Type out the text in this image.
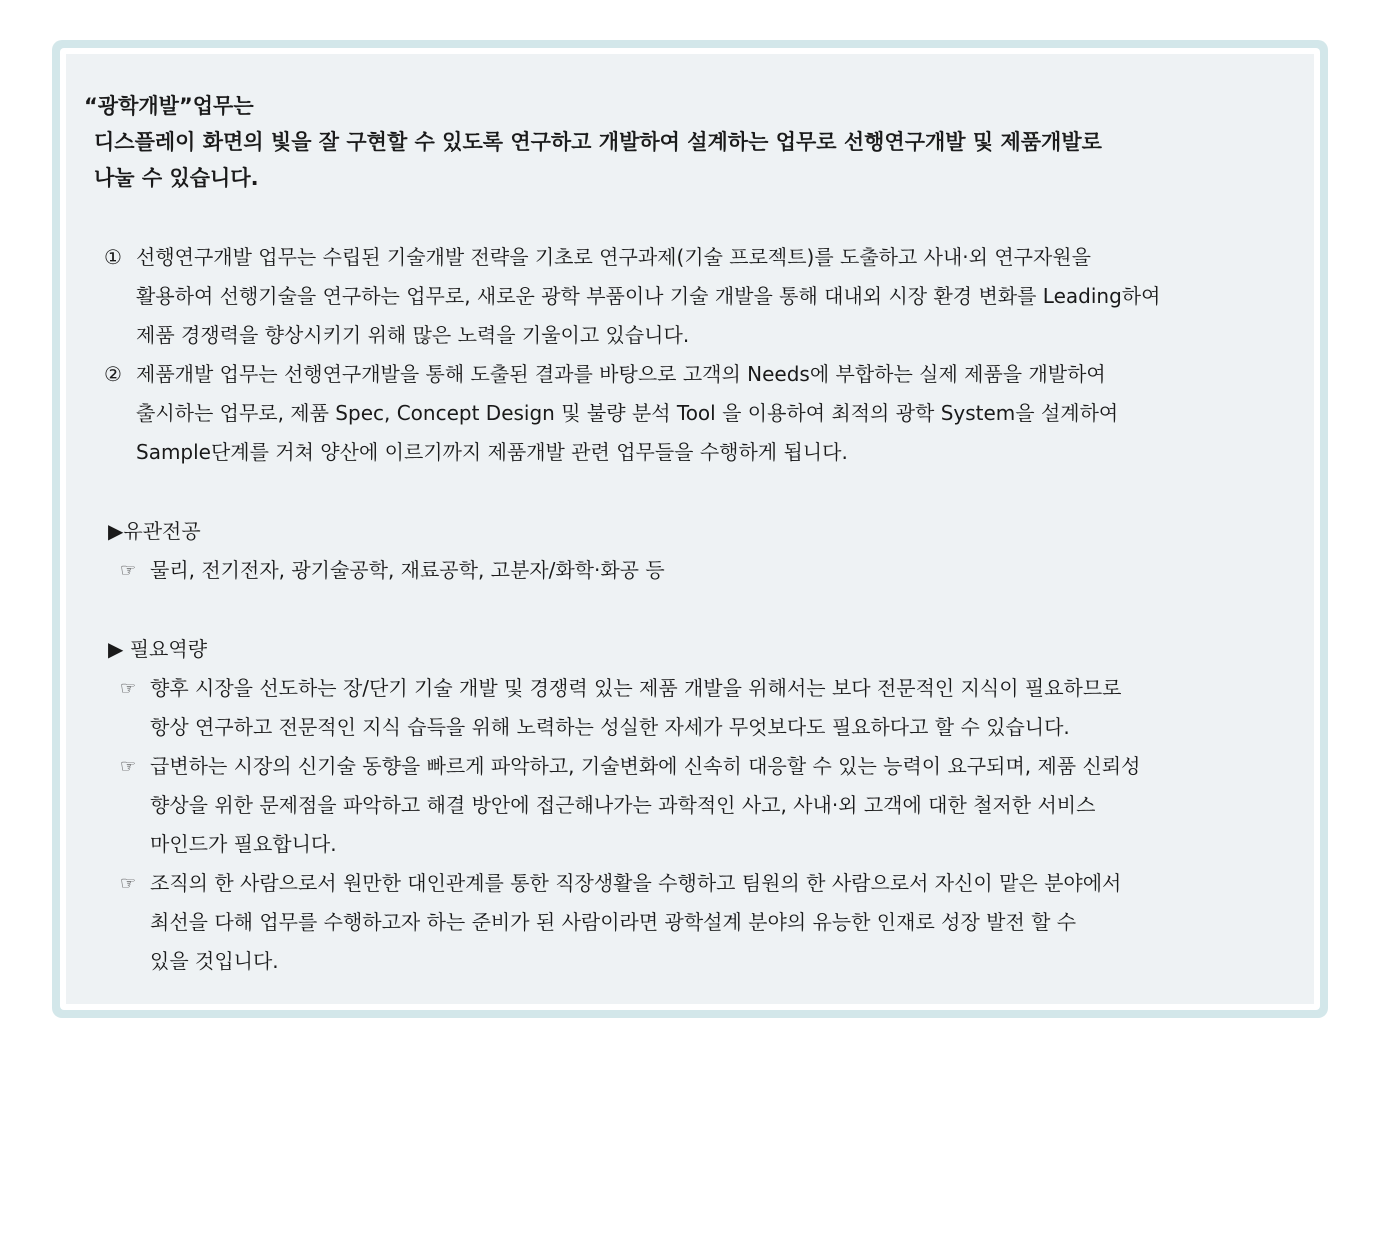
“광학개발”업무는
디스플레이 화면의 빛을 잘 구현할 수 있도록 연구하고 개발하여 설계하는 업무로 선행연구개발 및 제품개발로
나눌 수 있습니다.
① 선행연구개발 업무는 수립된 기술개발 전략을 기초로 연구과제(기술 프로젝트)를 도출하고 사내·외 연구자원을
활용하여 선행기술을 연구하는 업무로, 새로운 광학 부품이나 기술 개발을 통해 대내외 시장 환경 변화를 Leading하여
제품 경쟁력을 향상시키기 위해 많은 노력을 기울이고 있습니다.
② 제품개발 업무는 선행연구개발을 통해 도출된 결과를 바탕으로 고객의 Needs에 부합하는 실제 제품을 개발하여
출시하는 업무로, 제품 Spec, Concept Design 및 불량 분석 Tool 을 이용하여 최적의 광학 System을 설계하여
Sample단계를 거쳐 양산에 이르기까지 제품개발 관련 업무들을 수행하게 됩니다.
▶유관전공
☞ 물리, 전기전자, 광기술공학, 재료공학, 고분자/화학·화공 등
▶ 필요역량
☞ 향후 시장을 선도하는 장/단기 기술 개발 및 경쟁력 있는 제품 개발을 위해서는 보다 전문적인 지식이 필요하므로
항상 연구하고 전문적인 지식 습득을 위해 노력하는 성실한 자세가 무엇보다도 필요하다고 할 수 있습니다.
☞ 급변하는 시장의 신기술 동향을 빠르게 파악하고, 기술변화에 신속히 대응할 수 있는 능력이 요구되며, 제품 신뢰성
향상을 위한 문제점을 파악하고 해결 방안에 접근해나가는 과학적인 사고, 사내·외 고객에 대한 철저한 서비스
마인드가 필요합니다.
☞ 조직의 한 사람으로서 원만한 대인관계를 통한 직장생활을 수행하고 팀원의 한 사람으로서 자신이 맡은 분야에서
최선을 다해 업무를 수행하고자 하는 준비가 된 사람이라면 광학설계 분야의 유능한 인재로 성장 발전 할 수
있을 것입니다.
